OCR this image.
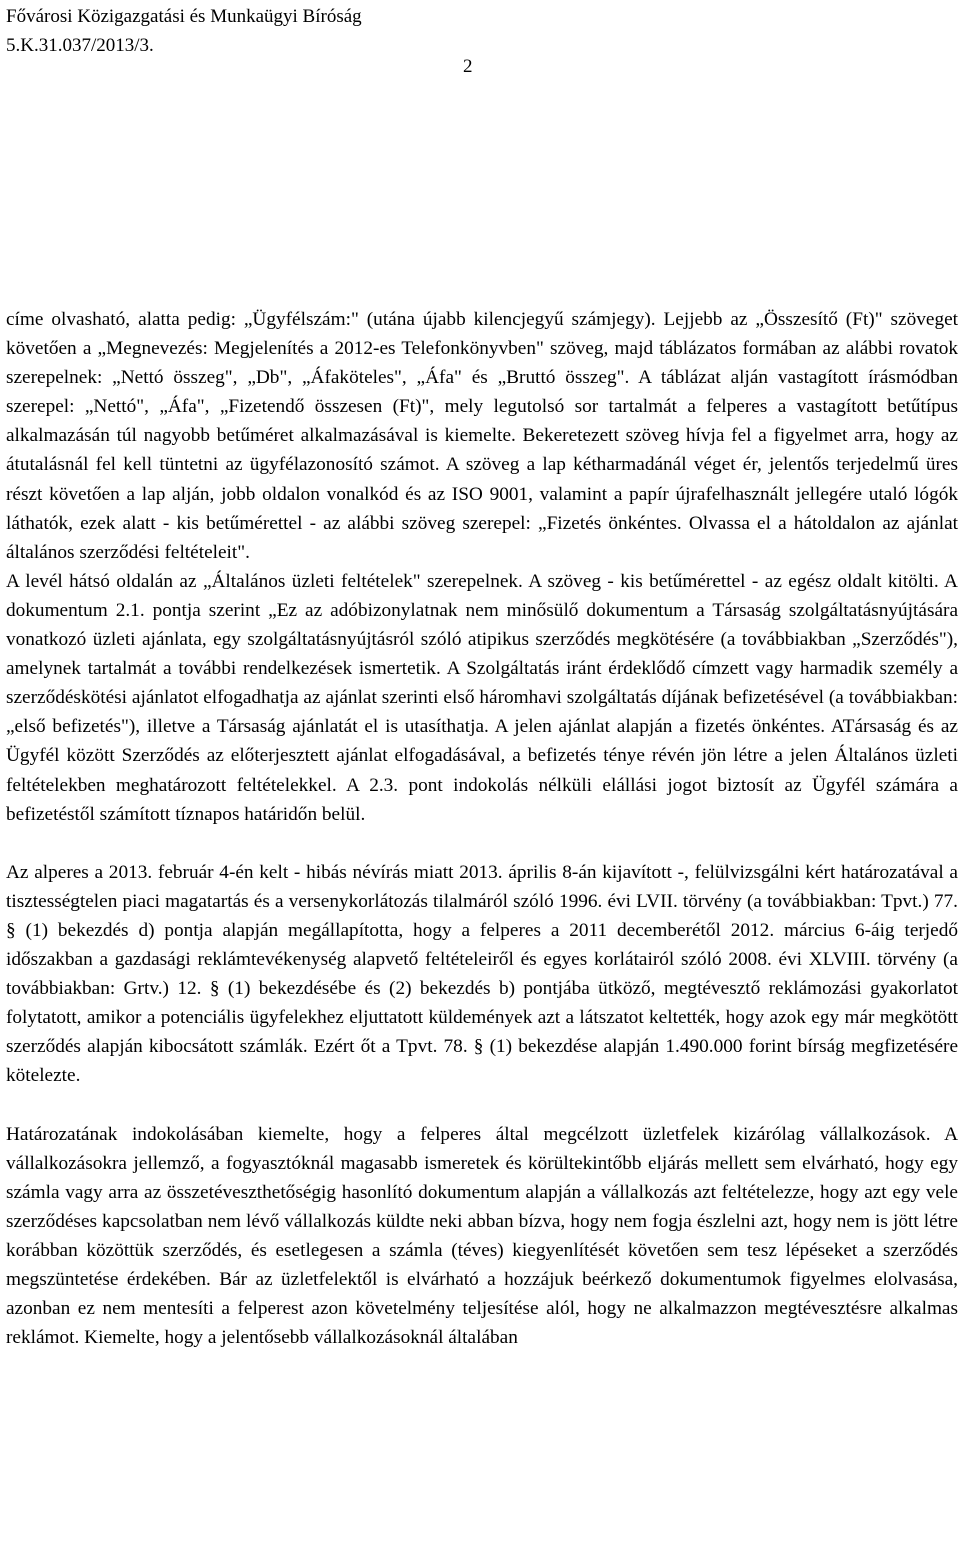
Fővárosi Közigazgatási és Munkaügyi Bíróság
5.K.31.037/2013/3.
2

címe olvasható, alatta pedig: „Ügyfélszám:" (utána újabb kilencjegyű számjegy). Lejjebb az „Összesítő (Ft)" szöveget követően a „Megnevezés: Megjelenítés a 2012-es Telefonkönyvben" szöveg, majd táblázatos formában az alábbi rovatok szerepelnek: „Nettó összeg", „Db", „Áfaköteles", „Áfa" és „Bruttó összeg". A táblázat alján vastagított írásmódban szerepel: „Nettó", „Áfa", „Fizetendő összesen (Ft)", mely legutolsó sor tartalmát a felperes a vastagított betűtípus alkalmazásán túl nagyobb betűméret alkalmazásával is kiemelte. Bekeretezett szöveg hívja fel a figyelmet arra, hogy az átutalásnál fel kell tüntetni az ügyfélazonosító számot. A szöveg a lap kétharmadánál véget ér, jelentős terjedelmű üres részt követően a lap alján, jobb oldalon vonalkód és az ISO 9001, valamint a papír újrafelhasznált jellegére utaló lógók láthatók, ezek alatt - kis betűmérettel - az alábbi szöveg szerepel: „Fizetés önkéntes. Olvassa el a hátoldalon az ajánlat általános szerződési feltételeit".

A levél hátsó oldalán az „Általános üzleti feltételek" szerepelnek. A szöveg - kis betűmérettel - az egész oldalt kitölti. A dokumentum 2.1. pontja szerint „Ez az adóbizonylatnak nem minősülő dokumentum a Társaság szolgáltatásnyújtására vonatkozó üzleti ajánlata, egy szolgáltatásnyújtásról szóló atipikus szerződés megkötésére (a továbbiakban „Szerződés"), amelynek tartalmát a további rendelkezések ismertetik. A Szolgáltatás iránt érdeklődő címzett vagy harmadik személy a szerződéskötési ajánlatot elfogadhatja az ajánlat szerinti első háromhavi szolgáltatás díjának befizetésével (a továbbiakban: „első befizetés"), illetve a Társaság ajánlatát el is utasíthatja. A jelen ajánlat alapján a fizetés önkéntes. ATársaság és az Ügyfél között Szerződés az előterjesztett ajánlat elfogadásával, a befizetés ténye révén jön létre a jelen Általános üzleti feltételekben meghatározott feltételekkel. A 2.3. pont indokolás nélküli elállási jogot biztosít az Ügyfél számára a befizetéstől számított tíznapos határidőn belül.

Az alperes a 2013. február 4-én kelt - hibás névírás miatt 2013. április 8-án kijavított -, felülvizsgálni kért határozatával a tisztességtelen piaci magatartás és a versenykorlátozás tilalmáról szóló 1996. évi LVII. törvény (a továbbiakban: Tpvt.) 77. § (1) bekezdés d) pontja alapján megállapította, hogy a felperes a 2011 decemberétől 2012. március 6-áig terjedő időszakban a gazdasági reklámtevékenység alapvető feltételeiről és egyes korlátairól szóló 2008. évi XLVIII. törvény (a továbbiakban: Grtv.) 12. § (1) bekezdésébe és (2) bekezdés b) pontjába ütköző, megtévesztő reklámozási gyakorlatot folytatott, amikor a potenciális ügyfelekhez eljuttatott küldemények azt a látszatot keltették, hogy azok egy már megkötött szerződés alapján kibocsátott számlák. Ezért őt a Tpvt. 78. § (1) bekezdése alapján 1.490.000 forint bírság megfizetésére kötelezte.

Határozatának indokolásában kiemelte, hogy a felperes által megcélzott üzletfelek kizárólag vállalkozások. A vállalkozásokra jellemző, a fogyasztóknál magasabb ismeretek és körültekintőbb eljárás mellett sem elvárható, hogy egy számla vagy arra az összetéveszthetőségig hasonlító dokumentum alapján a vállalkozás azt feltételezze, hogy azt egy vele szerződéses kapcsolatban nem lévő vállalkozás küldte neki abban bízva, hogy nem fogja észlelni azt, hogy nem is jött létre korábban közöttük szerződés, és esetlegesen a számla (téves) kiegyenlítését követően sem tesz lépéseket a szerződés megszüntetése érdekében. Bár az üzletfelektől is elvárható a hozzájuk beérkező dokumentumok figyelmes elolvasása, azonban ez nem mentesíti a felperest azon követelmény teljesítése alól, hogy ne alkalmazzon megtévesztésre alkalmas reklámot. Kiemelte, hogy a jelentősebb vállalkozásoknál általában
